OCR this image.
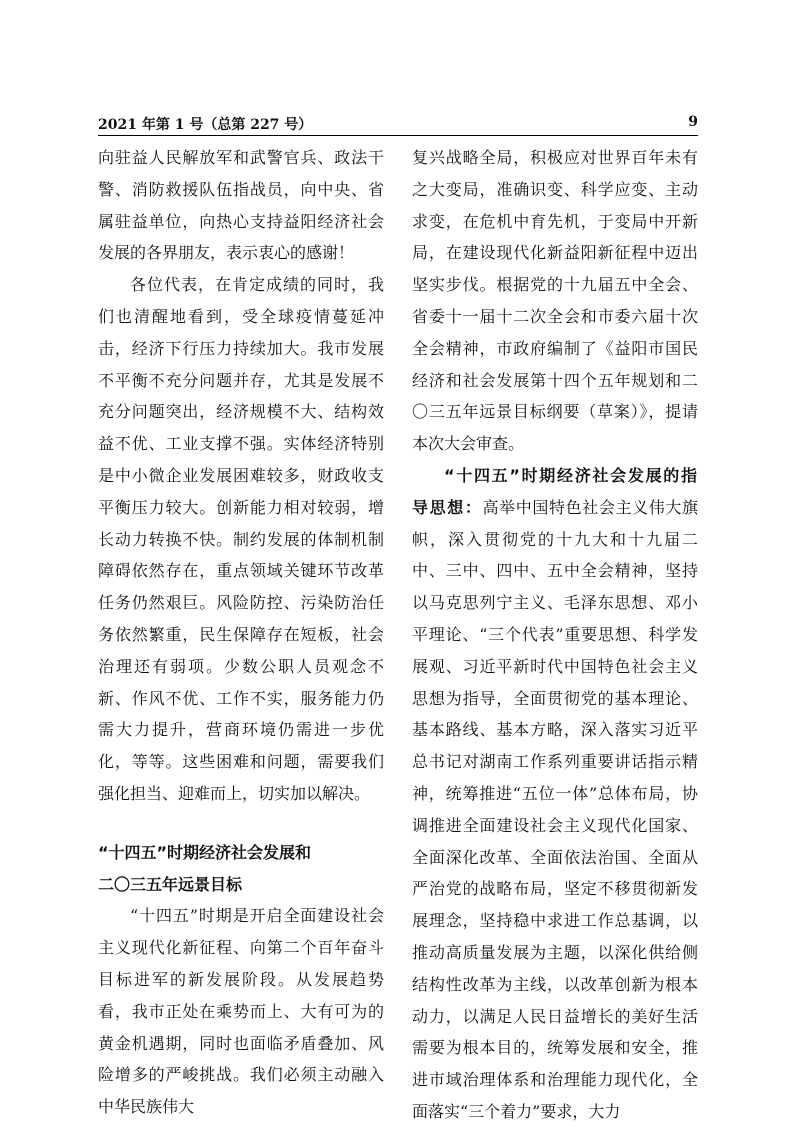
2021 年第 1 号（总第 227 号）	9

向驻益人民解放军和武警官兵、政法干警、消防救援队伍指战员，向中央、省属驻益单位，向热心支持益阳经济社会发展的各界朋友，表示衷心的感谢！

各位代表，在肯定成绩的同时，我们也清醒地看到，受全球疫情蔓延冲击，经济下行压力持续加大。我市发展不平衡不充分问题并存，尤其是发展不充分问题突出，经济规模不大、结构效益不优、工业支撑不强。实体经济特别是中小微企业发展困难较多，财政收支平衡压力较大。创新能力相对较弱，增长动力转换不快。制约发展的体制机制障碍依然存在，重点领域关键环节改革任务仍然艰巨。风险防控、污染防治任务依然繁重，民生保障存在短板，社会治理还有弱项。少数公职人员观念不新、作风不优、工作不实，服务能力仍需大力提升，营商环境仍需进一步优化，等等。这些困难和问题，需要我们强化担当、迎难而上，切实加以解决。

“十四五”时期经济社会发展和

二〇三五年远景目标

“十四五”时期是开启全面建设社会主义现代化新征程、向第二个百年奋斗目标进军的新发展阶段。从发展趋势看，我市正处在乘势而上、大有可为的黄金机遇期，同时也面临矛盾叠加、风险增多的严峻挑战。我们必须主动融入中华民族伟大

复兴战略全局，积极应对世界百年未有之大变局，准确识变、科学应变、主动求变，在危机中育先机，于变局中开新局，在建设现代化新益阳新征程中迈出坚实步伐。根据党的十九届五中全会、省委十一届十二次全会和市委六届十次全会精神，市政府编制了《益阳市国民经济和社会发展第十四个五年规划和二〇三五年远景目标纲要（草案）》，提请本次大会审查。

“十四五”时期经济社会发展的指导思想：高举中国特色社会主义伟大旗帜，深入贯彻党的十九大和十九届二中、三中、四中、五中全会精神，坚持以马克思列宁主义、毛泽东思想、邓小平理论、“三个代表”重要思想、科学发展观、习近平新时代中国特色社会主义思想为指导，全面贯彻党的基本理论、基本路线、基本方略，深入落实习近平总书记对湖南工作系列重要讲话指示精神，统筹推进“五位一体”总体布局，协调推进全面建设社会主义现代化国家、全面深化改革、全面依法治国、全面从严治党的战略布局，坚定不移贯彻新发展理念，坚持稳中求进工作总基调，以推动高质量发展为主题，以深化供给侧结构性改革为主线，以改革创新为根本动力，以满足人民日益增长的美好生活需要为根本目的，统筹发展和安全，推进市域治理体系和治理能力现代化，全面落实“三个着力”要求，大力
